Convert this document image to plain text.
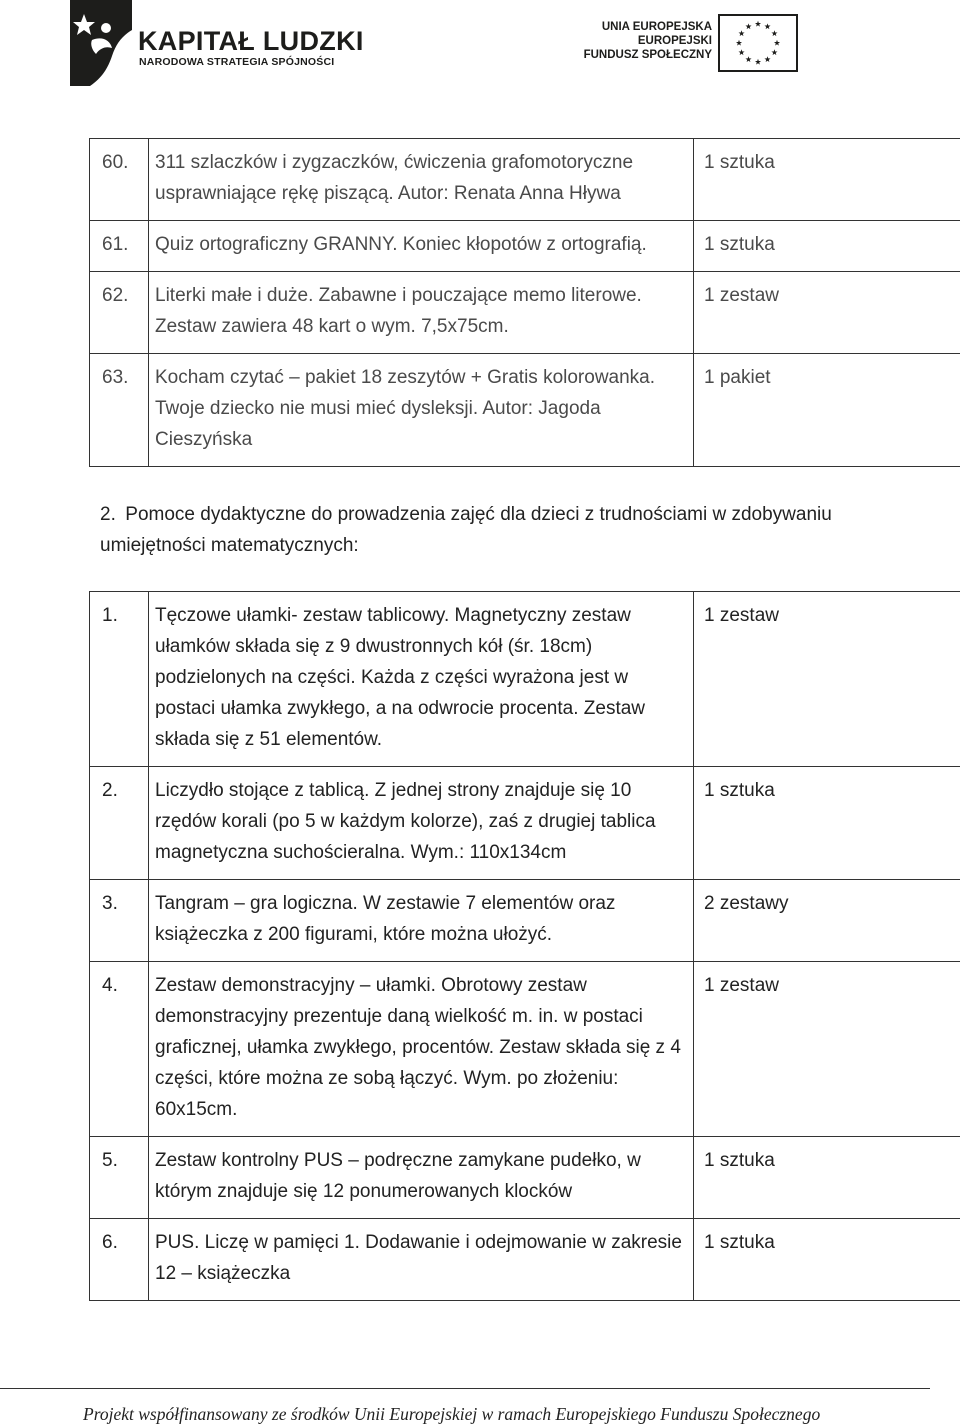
KAPITAŁ LUDZKI
NARODOWA STRATEGIA SPÓJNOŚCI
UNIA EUROPEJSKA
EUROPEJSKI
FUNDUSZ SPOŁECZNY
60.	311 szlaczków i zygzaczków, ćwiczenia grafomotoryczne usprawniające rękę piszącą. Autor: Renata Anna Hływa	1 sztuka
61.	Quiz ortograficzny GRANNY. Koniec kłopotów z ortografią.	1 sztuka
62.	Literki małe i duże. Zabawne i pouczające memo literowe. Zestaw zawiera 48 kart o wym. 7,5x75cm.	1 zestaw
63.	Kocham czytać – pakiet 18 zeszytów + Gratis kolorowanka. Twoje dziecko nie musi mieć dysleksji. Autor: Jagoda Cieszyńska	1 pakiet
2. Pomoce dydaktyczne do prowadzenia zajęć dla dzieci z trudnościami w zdobywaniu umiejętności matematycznych:
1.	Tęczowe ułamki- zestaw tablicowy. Magnetyczny zestaw ułamków składa się z 9 dwustronnych kół (śr. 18cm) podzielonych na części. Każda z części wyrażona jest w postaci ułamka zwykłego, a na odwrocie procenta. Zestaw składa się z 51 elementów.	1 zestaw
2.	Liczydło stojące z tablicą. Z jednej strony znajduje się 10 rzędów korali (po 5 w każdym kolorze), zaś z drugiej tablica magnetyczna suchościeralna. Wym.: 110x134cm	1 sztuka
3.	Tangram – gra logiczna. W zestawie 7 elementów oraz książeczka z 200 figurami, które można ułożyć.	2 zestawy
4.	Zestaw demonstracyjny – ułamki. Obrotowy zestaw demonstracyjny prezentuje daną wielkość m. in. w postaci graficznej, ułamka zwykłego, procentów. Zestaw składa się z 4 części, które można ze sobą łączyć. Wym. po złożeniu: 60x15cm.	1 zestaw
5.	Zestaw kontrolny PUS – podręczne zamykane pudełko, w którym znajduje się 12 ponumerowanych klocków	1 sztuka
6.	PUS. Liczę w pamięci 1. Dodawanie i odejmowanie w zakresie 12 – książeczka	1 sztuka
Projekt współfinansowany ze środków Unii Europejskiej w ramach Europejskiego Funduszu Społecznego
